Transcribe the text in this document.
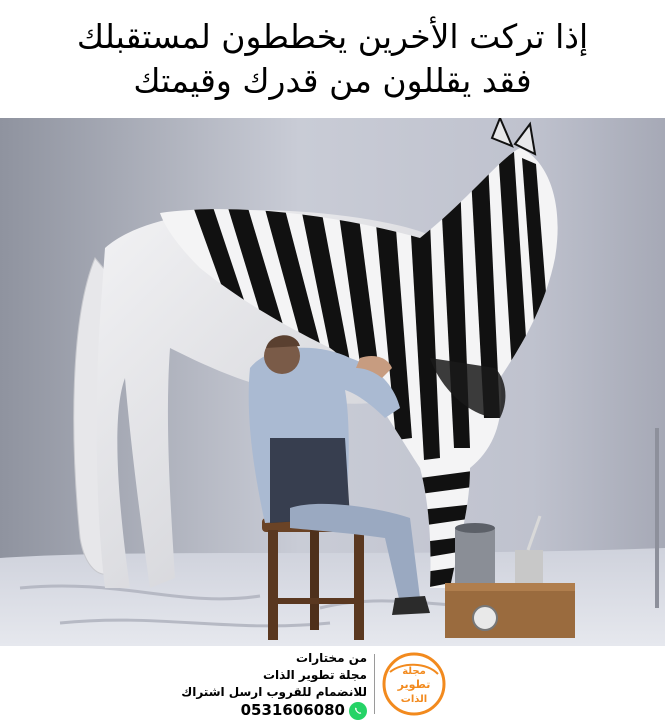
إذا تركت الأخرين يخططون لمستقبلك
فقد يقللون من قدرك وقيمتك
من مختارات
مجلة تطوير الذات
للانضمام للقروب ارسل اشتراك
0531606080
مجلة
تطوير
الذات
